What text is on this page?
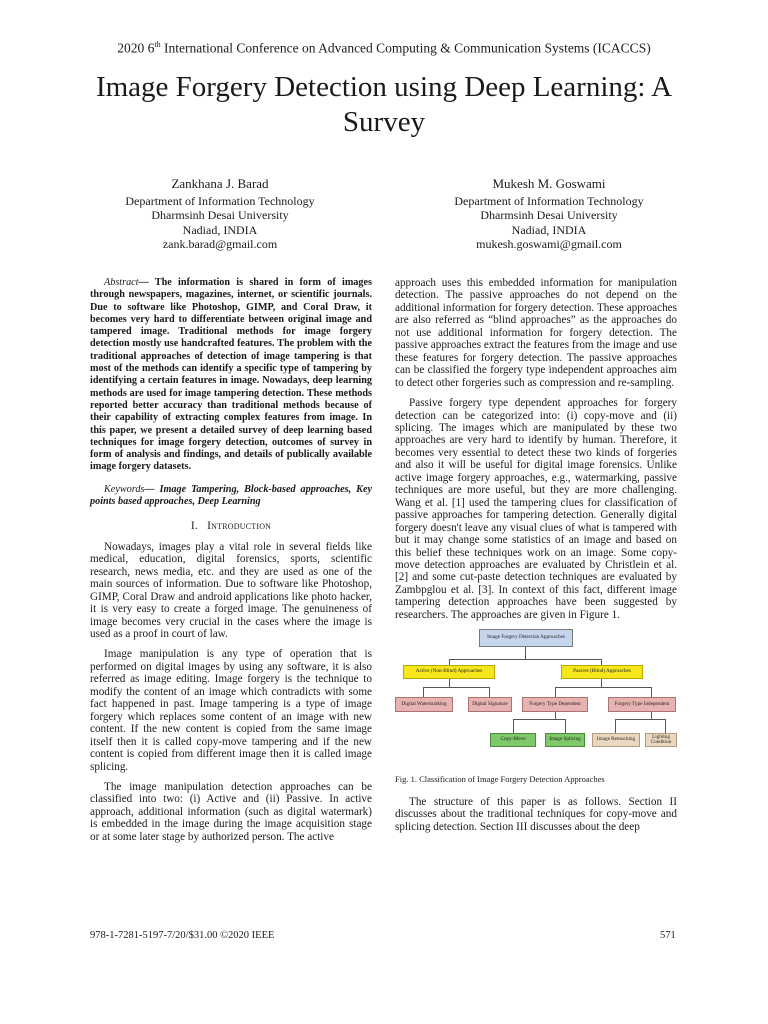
2020 6th International Conference on Advanced Computing & Communication Systems (ICACCS)
Image Forgery Detection using Deep Learning: A Survey
Zankhana J. Barad
Department of Information Technology
Dharmsinh Desai University
Nadiad, INDIA
zank.barad@gmail.com
Mukesh M. Goswami
Department of Information Technology
Dharmsinh Desai University
Nadiad, INDIA
mukesh.goswami@gmail.com

Abstract— The information is shared in form of images through newspapers, magazines, internet, or scientific journals. Due to software like Photoshop, GIMP, and Coral Draw, it becomes very hard to differentiate between original image and tampered image. Traditional methods for image forgery detection mostly use handcrafted features. The problem with the traditional approaches of detection of image tampering is that most of the methods can identify a specific type of tampering by identifying a certain features in image. Nowadays, deep learning methods are used for image tampering detection. These methods reported better accuracy than traditional methods because of their capability of extracting complex features from image. In this paper, we present a detailed survey of deep learning based techniques for image forgery detection, outcomes of survey in form of analysis and findings, and details of publically available image forgery datasets.

Keywords— Image Tampering, Block-based approaches, Key points based approaches, Deep Learning

I. Introduction

Nowadays, images play a vital role in several fields like medical, education, digital forensics, sports, scientific research, news media, etc. and they are used as one of the main sources of information. Due to software like Photoshop, GIMP, Coral Draw and android applications like photo hacker, it is very easy to create a forged image. The genuineness of image becomes very crucial in the cases where the image is used as a proof in court of law.

Image manipulation is any type of operation that is performed on digital images by using any software, it is also referred as image editing. Image forgery is the technique to modify the content of an image which contradicts with some fact happened in past. Image tampering is a type of image forgery which replaces some content of an image with new content. If the new content is copied from the same image itself then it is called copy-move tampering and if the new content is copied from different image then it is called image splicing.

The image manipulation detection approaches can be classified into two: (i) Active and (ii) Passive. In active approach, additional information (such as digital watermark) is embedded in the image during the image acquisition stage or at some later stage by authorized person. The active

approach uses this embedded information for manipulation detection. The passive approaches do not depend on the additional information for forgery detection. These approaches are also referred as “blind approaches” as the approaches do not use additional information for forgery detection. The passive approaches extract the features from the image and use these features for forgery detection. The passive approaches can be classified the forgery type independent approaches aim to detect other forgeries such as compression and re-sampling.

Passive forgery type dependent approaches for forgery detection can be categorized into: (i) copy-move and (ii) splicing. The images which are manipulated by these two approaches are very hard to identify by human. Therefore, it becomes very essential to detect these two kinds of forgeries and also it will be useful for digital image forensics. Unlike active image forgery approaches, e.g., watermarking, passive techniques are more useful, but they are more challenging. Wang et al. [1] used the tampering clues for classification of passive approaches for tampering detection. Generally digital forgery doesn't leave any visual clues of what is tampered with but it may change some statistics of an image and based on this belief these techniques work on an image. Some copy-move detection approaches are evaluated by Christlein et al. [2] and some cut-paste detection techniques are evaluated by Zambpglou et al. [3]. In context of this fact, different image tampering detection approaches have been suggested by researchers. The approaches are given in Figure 1.

Image Forgery Detection Approaches
Active (Non-Blind) Approaches	Passive (Blind) Approaches
Digital Watermarking	Digital Signature	Forgery Type Dependent	Forgery Type Independent
Copy-Move	Image Splicing	Image Retouching	Lighting Condition

Fig. 1. Classification of Image Forgery Detection Approaches

The structure of this paper is as follows. Section II discusses about the traditional techniques for copy-move and splicing detection. Section III discusses about the deep

978-1-7281-5197-7/20/$31.00 ©2020 IEEE	571
